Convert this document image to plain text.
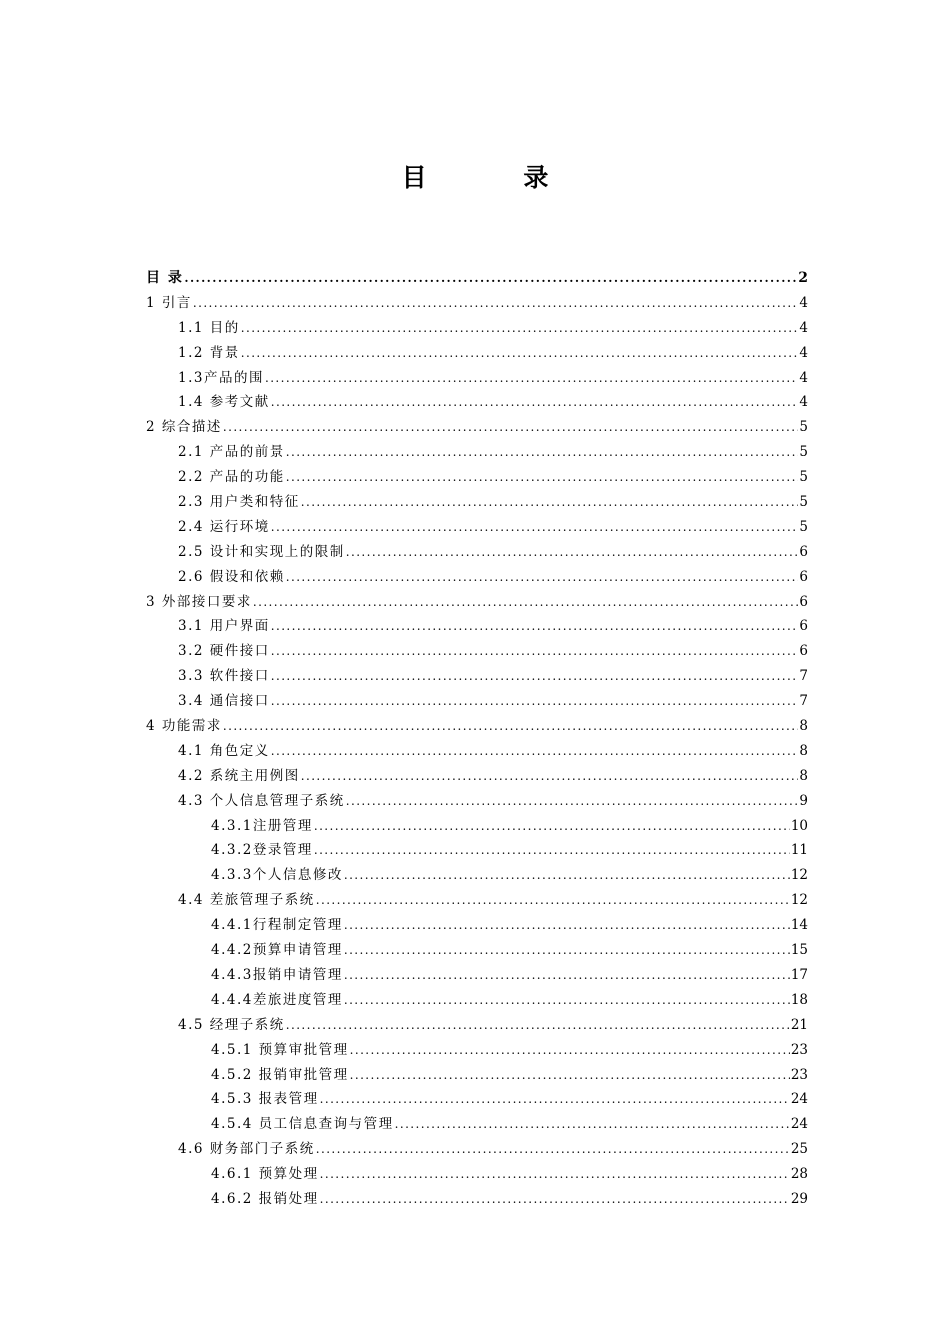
目 录
目 录 .....	2
1 引言 .....	4
1.1 目的 .....	4
1.2 背景 .....	4
1.3产品的围 .....	4
1.4 参考文献 .....	4
2 综合描述 .....	5
2.1 产品的前景 .....	5
2.2 产品的功能 .....	5
2.3 用户类和特征 .....	5
2.4 运行环境 .....	5
2.5 设计和实现上的限制 .....	6
2.6 假设和依赖 .....	6
3 外部接口要求 .....	6
3.1 用户界面 .....	6
3.2 硬件接口 .....	6
3.3 软件接口 .....	7
3.4 通信接口 .....	7
4 功能需求 .....	8
4.1 角色定义 .....	8
4.2 系统主用例图 .....	8
4.3 个人信息管理子系统 .....	9
4.3.1注册管理 .....	10
4.3.2登录管理 .....	11
4.3.3个人信息修改 .....	12
4.4 差旅管理子系统 .....	12
4.4.1行程制定管理 .....	14
4.4.2预算申请管理 .....	15
4.4.3报销申请管理 .....	17
4.4.4差旅进度管理 .....	18
4.5 经理子系统 .....	21
4.5.1 预算审批管理 .....	23
4.5.2 报销审批管理 .....	23
4.5.3 报表管理 .....	24
4.5.4 员工信息查询与管理 .....	24
4.6 财务部门子系统 .....	25
4.6.1 预算处理 .....	28
4.6.2 报销处理 .....	29
